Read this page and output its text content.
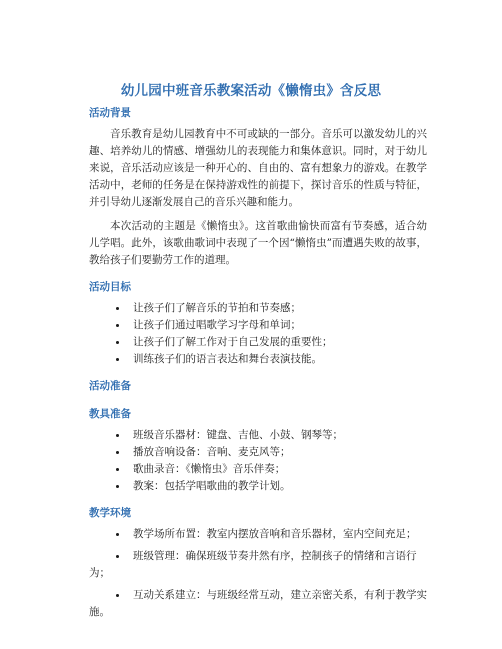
幼儿园中班音乐教案活动《懒惰虫》含反思
活动背景

音乐教育是幼儿园教育中不可或缺的一部分。音乐可以激发幼儿的兴趣、培养幼儿的情感、增强幼儿的表现能力和集体意识。同时，对于幼儿来说，音乐活动应该是一种开心的、自由的、富有想象力的游戏。在教学活动中，老师的任务是在保持游戏性的前提下，探讨音乐的性质与特征，并引导幼儿逐渐发展自己的音乐兴趣和能力。

本次活动的主题是《懒惰虫》。这首歌曲愉快而富有节奏感，适合幼儿学唱。此外，该歌曲歌词中表现了一个因“懒惰虫”而遭遇失败的故事，教给孩子们要勤劳工作的道理。

活动目标
让孩子们了解音乐的节拍和节奏感；
让孩子们通过唱歌学习字母和单词；
让孩子们了解工作对于自己发展的重要性；
训练孩子们的语言表达和舞台表演技能。
活动准备
教具准备
班级音乐器材：键盘、吉他、小鼓、钢琴等；
播放音响设备：音响、麦克风等；
歌曲录音：《懒惰虫》音乐伴奏；
教案：包括学唱歌曲的教学计划。
教学环境
教学场所布置：教室内摆放音响和音乐器材，室内空间充足；
班级管理：确保班级节奏井然有序，控制孩子的情绪和言语行为；
互动关系建立：与班级经常互动，建立亲密关系，有利于教学实施。
